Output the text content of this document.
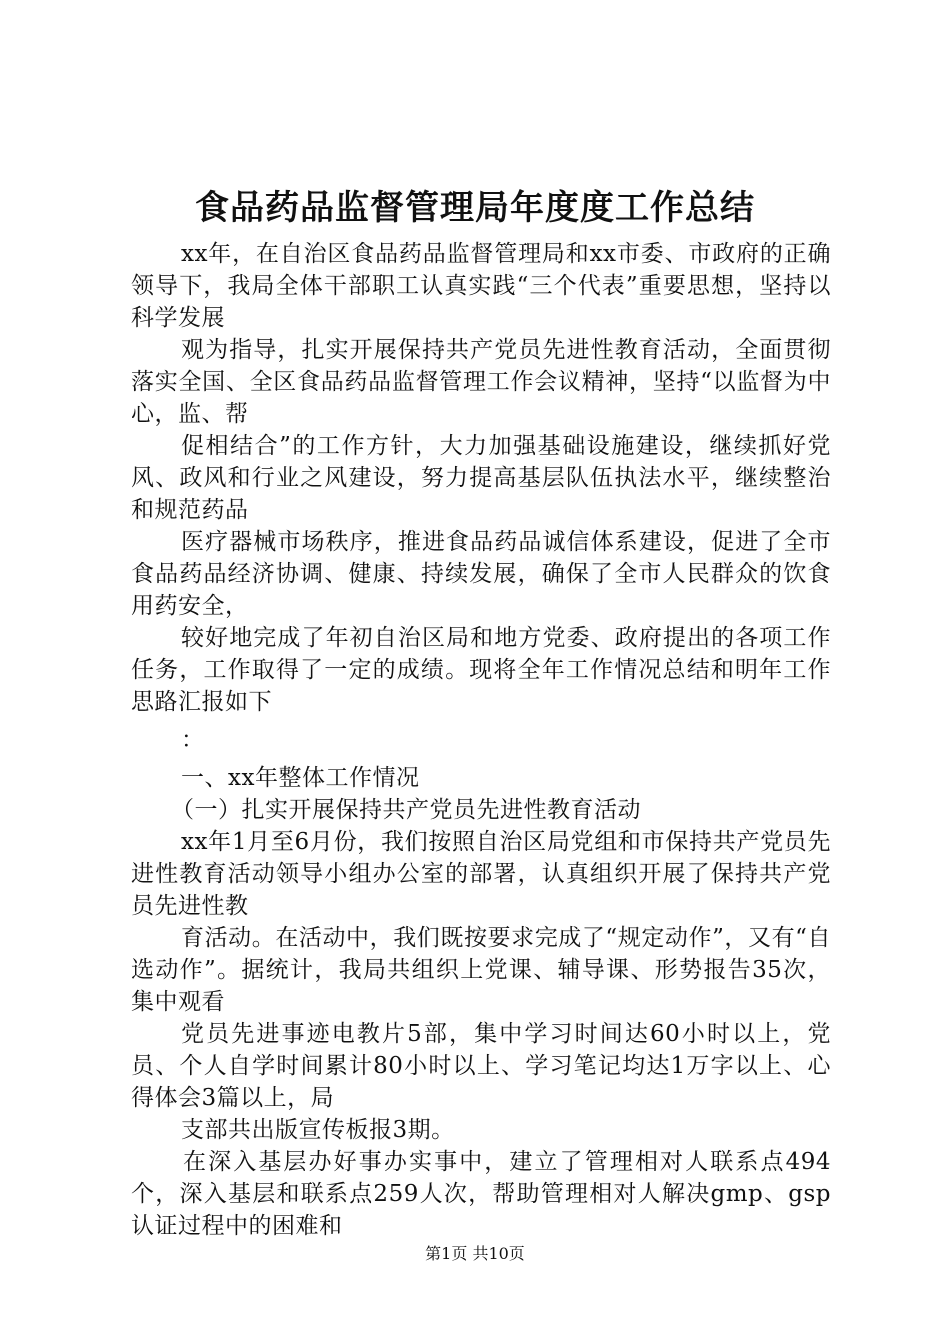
食品药品监督管理局年度度工作总结

xx年，在自治区食品药品监督管理局和xx市委、市政府的正确领导下，我局全体干部职工认真实践“三个代表”重要思想，坚持以科学发展

观为指导，扎实开展保持共产党员先进性教育活动，全面贯彻落实全国、全区食品药品监督管理工作会议精神，坚持“以监督为中心，监、帮

促相结合”的工作方针，大力加强基础设施建设，继续抓好党风、政风和行业之风建设，努力提高基层队伍执法水平，继续整治和规范药品

医疗器械市场秩序，推进食品药品诚信体系建设，促进了全市食品药品经济协调、健康、持续发展，确保了全市人民群众的饮食用药安全，

较好地完成了年初自治区局和地方党委、政府提出的各项工作任务，工作取得了一定的成绩。现将全年工作情况总结和明年工作思路汇报如下

：

一、xx年整体工作情况

（一）扎实开展保持共产党员先进性教育活动

xx年1月至6月份，我们按照自治区局党组和市保持共产党员先进性教育活动领导小组办公室的部署，认真组织开展了保持共产党员先进性教

育活动。在活动中，我们既按要求完成了“规定动作”，又有“自选动作”。据统计，我局共组织上党课、辅导课、形势报告35次，集中观看

党员先进事迹电教片5部，集中学习时间达60小时以上，党员、个人自学时间累计80小时以上、学习笔记均达1万字以上、心得体会3篇以上，局

支部共出版宣传板报3期。

在深入基层办好事办实事中，建立了管理相对人联系点494个，深入基层和联系点259人次，帮助管理相对人解决gmp、gsp认证过程中的困难和

第1页 共10页
